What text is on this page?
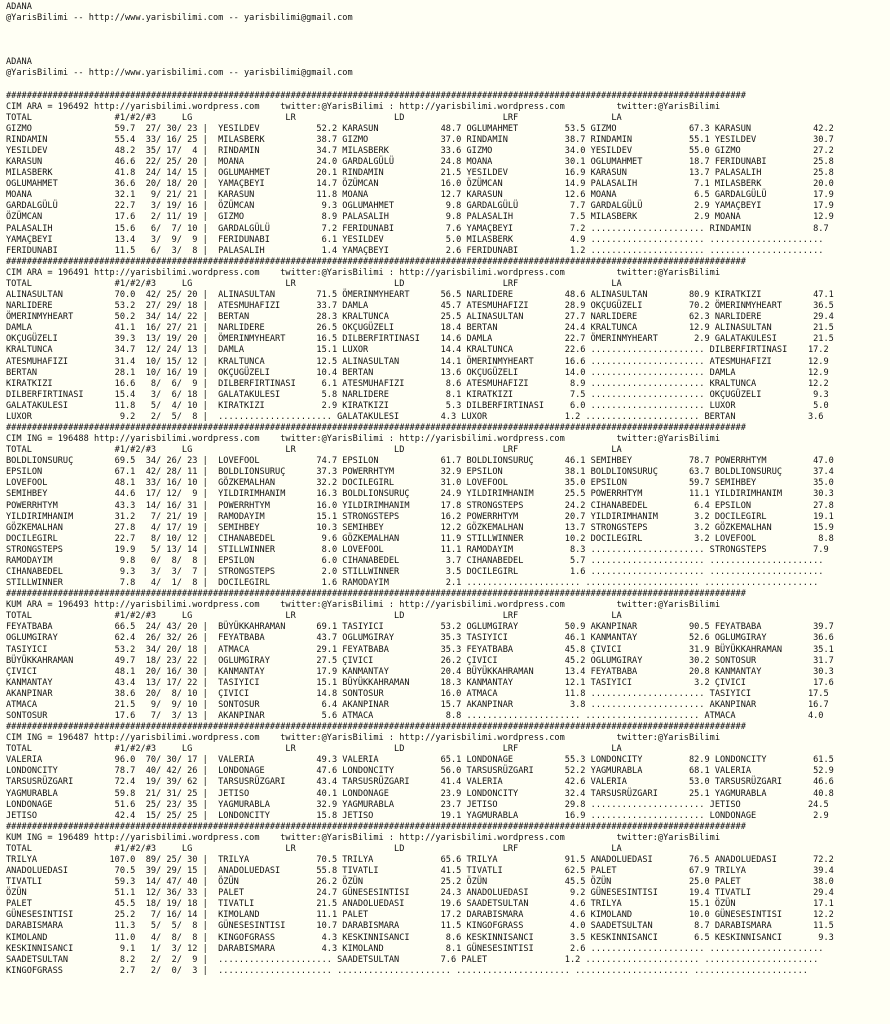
ADANA
@YarisBilimi -- http://www.yarisbilimi.com -- yarisbilimi@gmail.com

ADANA
@YarisBilimi -- http://www.yarisbilimi.com -- yarisbilimi@gmail.com

###############################################################################################################################################
CIM ARA = 196492 http://yarisbilimi.wordpress.com    twitter:@YarisBilimi : http://yarisbilimi.wordpress.com          twitter:@YarisBilimi
TOTAL                #1/#2/#3     LG                  LR                   LD                   LRF                  LA
GIZMO                59.7  27/ 30/ 23 |  YESILDEV           52.2 KARASUN            48.7 OGLUMAHMET         53.5 GIZMO              67.3 KARASUN            42.2
RINDAMIN             55.4  33/ 16/ 25 |  MILASBERK          38.7 GIZMO              37.0 RINDAMIN           38.7 RINDAMIN           55.1 YESILDEV           30.7
YESILDEV             48.2  35/ 17/  4 |  RINDAMIN           34.7 MILASBERK          33.6 GIZMO              34.0 YESILDEV           55.0 GIZMO              27.2
KARASUN              46.6  22/ 25/ 20 |  MOANA              24.0 GARDALGÜLÜ         24.8 MOANA              30.1 OGLUMAHMET         18.7 FERIDUNABI         25.8
MILASBERK            41.8  24/ 14/ 15 |  OGLUMAHMET         20.1 RINDAMIN           21.5 YESILDEV           16.9 KARASUN            13.7 PALASALIH          25.8
OGLUMAHMET           36.6  20/ 18/ 20 |  YAMAÇBEYI          14.7 ÖZÜMCAN            16.0 ÖZÜMCAN            14.9 PALASALIH           7.1 MILASBERK          20.0
MOANA                32.1   9/ 21/ 21 |  KARASUN            11.8 MOANA              12.7 KARASUN            12.6 MOANA               6.5 GARDALGÜLÜ         17.9
GARDALGÜLÜ           22.7   3/ 19/ 16 |  ÖZÜMCAN             9.3 OGLUMAHMET          9.8 GARDALGÜLÜ          7.7 GARDALGÜLÜ          2.9 YAMAÇBEYI          17.9
ÖZÜMCAN              17.6   2/ 11/ 19 |  GIZMO               8.9 PALASALIH           9.8 PALASALIH           7.5 MILASBERK           2.9 MOANA              12.9
PALASALIH            15.6   6/  7/ 10 |  GARDALGÜLÜ          7.2 FERIDUNABI          7.6 YAMAÇBEYI           7.2 ...................... RINDAMIN            8.7
YAMAÇBEYI            13.4   3/  9/  9 |  FERIDUNABI          6.1 YESILDEV            5.0 MILASBERK           4.9 ...................... ......................
FERIDUNABI           11.5   6/  3/  8 |  PALASALIH           1.4 YAMAÇBEYI           2.6 FERIDUNABI          1.2 ...................... ......................
###############################################################################################################################################
CIM ARA = 196491 http://yarisbilimi.wordpress.com    twitter:@YarisBilimi : http://yarisbilimi.wordpress.com          twitter:@YarisBilimi
TOTAL                #1/#2/#3     LG                  LR                   LD                   LRF                  LA
ALINASULTAN          70.0  42/ 25/ 20 |  ALINASULTAN        71.5 ÖMERINMYHEART      56.5 NARLIDERE          48.6 ALINASULTAN        80.9 KIRATKIZI          47.1
NARLIDERE            53.2  27/ 29/ 18 |  ATESMUHAFIZI       33.7 DAMLA              45.7 ATESMUHAFIZI       28.9 OKÇUGÜZELI         70.2 ÖMERINMYHEART      36.5
ÖMERINMYHEART        50.2  34/ 14/ 22 |  BERTAN             28.3 KRALTUNCA          25.5 ALINASULTAN        27.7 NARLIDERE          62.3 NARLIDERE          29.4
DAMLA                41.1  16/ 27/ 21 |  NARLIDERE          26.5 OKÇUGÜZELI         18.4 BERTAN             24.4 KRALTUNCA          12.9 ALINASULTAN        21.5
OKÇUGÜZELI           39.3  13/ 19/ 20 |  ÖMERINMYHEART      16.5 DILBERFIRTINASI    14.6 DAMLA              22.7 ÖMERINMYHEART       2.9 GALATAKULESI       21.5
KRALTUNCA            34.7  12/ 24/ 13 |  DAMLA              15.1 LUXOR              14.4 KRALTUNCA          22.6 ...................... DILBERFIRTINASI    17.2
ATESMUHAFIZI         31.4  10/ 15/ 12 |  KRALTUNCA          12.5 ALINASULTAN        14.1 ÖMERINMYHEART      16.6 ...................... ATESMUHAFIZI       12.9
BERTAN               28.1  10/ 16/ 19 |  OKÇUGÜZELI         10.4 BERTAN             13.6 OKÇUGÜZELI         14.0 ...................... DAMLA              12.9
KIRATKIZI            16.6   8/  6/  9 |  DILBERFIRTINASI     6.1 ATESMUHAFIZI        8.6 ATESMUHAFIZI        8.9 ...................... KRALTUNCA          12.2
DILBERFIRTINASI      15.4   3/  6/ 18 |  GALATAKULESI        5.8 NARLIDERE           8.1 KIRATKIZI           7.5 ...................... OKÇUGÜZELI          9.3
GALATAKULESI         11.8   5/  4/ 10 |  KIRATKIZI           2.9 KIRATKIZI           5.3 DILBERFIRTINASI     6.0 ...................... LUXOR               5.0
LUXOR                 9.2   2/  5/  8 |  ...................... GALATAKULESI        4.3 LUXOR               1.2 ...................... BERTAN              3.6
###############################################################################################################################################
CIM ING = 196488 http://yarisbilimi.wordpress.com    twitter:@YarisBilimi : http://yarisbilimi.wordpress.com          twitter:@YarisBilimi
TOTAL                #1/#2/#3     LG                  LR                   LD                   LRF                  LA
BOLDLIONSURUÇ        69.5  34/ 26/ 23 |  LOVEFOOL           74.7 EPSILON            61.7 BOLDLIONSURUÇ      46.1 SEMIHBEY           78.7 POWERRHTYM         47.0
EPSILON              67.1  42/ 28/ 11 |  BOLDLIONSURUÇ      37.3 POWERRHTYM         32.9 EPSILON            38.1 BOLDLIONSURUÇ      63.7 BOLDLIONSURUÇ      37.4
LOVEFOOL             48.1  33/ 16/ 10 |  GÖZKEMALHAN        32.2 DOCILEGIRL         31.0 LOVEFOOL           35.0 EPSILON            59.7 SEMIHBEY           35.0
SEMIHBEY             44.6  17/ 12/  9 |  YILDIRIMHANIM      16.3 BOLDLIONSURUÇ      24.9 YILDIRIMHANIM      25.5 POWERRHTYM         11.1 YILDIRIMHANIM      30.3
POWERRHTYM           43.3  14/ 16/ 31 |  POWERRHTYM         16.0 YILDIRIMHANIM      17.8 STRONGSTEPS        24.2 CIHANABEDEL         6.4 EPSILON            27.8
YILDIRIMHANIM        31.2   7/ 21/ 19 |  RAMODAYIM          15.1 STRONGSTEPS        16.2 POWERRHTYM         20.7 YILDIRIMHANIM       3.2 DOCILEGIRL         19.1
GÖZKEMALHAN          27.8   4/ 17/ 19 |  SEMIHBEY           10.3 SEMIHBEY           12.2 GÖZKEMALHAN        13.7 STRONGSTEPS         3.2 GÖZKEMALHAN        15.9
DOCILEGIRL           22.7   8/ 10/ 12 |  CIHANABEDEL         9.6 GÖZKEMALHAN        11.9 STILLWINNER        10.2 DOCILEGIRL          3.2 LOVEFOOL            8.8
STRONGSTEPS          19.9   5/ 13/ 14 |  STILLWINNER         8.0 LOVEFOOL           11.1 RAMODAYIM           8.3 ...................... STRONGSTEPS         7.9
RAMODAYIM             9.8   0/  8/  8 |  EPSILON             6.0 CIHANABEDEL         3.7 CIHANABEDEL         5.7 ...................... ......................
CIHANABEDEL           9.3   3/  3/  7 |  STRONGSTEPS         2.0 STILLWINNER         3.5 DOCILEGIRL          1.6 ...................... ......................
STILLWINNER           7.8   4/  1/  8 |  DOCILEGIRL          1.6 RAMODAYIM           2.1 ...................... ...................... ......................
###############################################################################################################################################
KUM ARA = 196493 http://yarisbilimi.wordpress.com    twitter:@YarisBilimi : http://yarisbilimi.wordpress.com          twitter:@YarisBilimi
TOTAL                #1/#2/#3     LG                  LR                   LD                   LRF                  LA
FEYATBABA            66.5  24/ 43/ 20 |  BÜYÜKKAHRAMAN      69.1 TASIYICI           53.2 OGLUMGIRAY         50.9 AKANPINAR          90.5 FEYATBABA          39.7
OGLUMGIRAY           62.4  26/ 32/ 26 |  FEYATBABA          43.7 OGLUMGIRAY         35.3 TASIYICI           46.1 KANMANTAY          52.6 OGLUMGIRAY         36.6
TASIYICI             53.2  34/ 20/ 18 |  ATMACA             29.1 FEYATBABA          35.3 FEYATBABA          45.8 ÇIVICI             31.9 BÜYÜKKAHRAMAN      35.1
BÜYÜKKAHRAMAN        49.7  18/ 23/ 22 |  OGLUMGIRAY         27.5 ÇIVICI             26.2 ÇIVICI             45.2 OGLUMGIRAY         30.2 SONTOSUR           31.7
ÇIVICI               48.1  20/ 16/ 30 |  KANMANTAY          17.9 KANMANTAY          20.4 BÜYÜKKAHRAMAN      13.4 FEYATBABA          20.8 KANMANTAY          30.3
KANMANTAY            43.4  13/ 17/ 22 |  TASIYICI           15.1 BÜYÜKKAHRAMAN      18.3 KANMANTAY          12.1 TASIYICI            3.2 ÇIVICI             17.6
AKANPINAR            38.6  20/  8/ 10 |  ÇIVICI             14.8 SONTOSUR           16.0 ATMACA             11.8 ...................... TASIYICI           17.5
ATMACA               21.5   9/  9/ 10 |  SONTOSUR            6.4 AKANPINAR          15.7 AKANPINAR           3.8 ...................... AKANPINAR          16.7
SONTOSUR             17.6   7/  3/ 13 |  AKANPINAR           5.6 ATMACA              8.8 ...................... ...................... ATMACA              4.0
###############################################################################################################################################
CIM ING = 196487 http://yarisbilimi.wordpress.com    twitter:@YarisBilimi : http://yarisbilimi.wordpress.com          twitter:@YarisBilimi
TOTAL                #1/#2/#3     LG                  LR                   LD                   LRF                  LA
VALERIA              96.0  70/ 30/ 17 |  VALERIA            49.3 VALERIA            65.1 LONDONAGE          55.3 LONDONCITY         82.9 LONDONCITY         61.5
LONDONCITY           78.7  40/ 42/ 26 |  LONDONAGE          47.6 LONDONCITY         56.0 TARSUSRÜZGARI      52.2 YAGMURABLA         68.1 VALERIA            52.9
TARSUSRÜZGARI        72.4  19/ 39/ 62 |  TARSUSRÜZGARI      43.4 TARSUSRÜZGARI      41.4 VALERIA            42.6 VALERIA            53.0 TARSUSRÜZGARI      46.6
YAGMURABLA           59.8  21/ 31/ 25 |  JETISO             40.1 LONDONAGE          23.9 LONDONCITY         32.4 TARSUSRÜZGARI      25.1 YAGMURABLA         40.8
LONDONAGE            51.6  25/ 23/ 35 |  YAGMURABLA         32.9 YAGMURABLA         23.7 JETISO             29.8 ...................... JETISO             24.5
JETISO               42.4  15/ 25/ 25 |  LONDONCITY         15.8 JETISO             19.1 YAGMURABLA         16.9 ...................... LONDONAGE           2.9
###############################################################################################################################################
KUM ING = 196489 http://yarisbilimi.wordpress.com    twitter:@YarisBilimi : http://yarisbilimi.wordpress.com          twitter:@YarisBilimi
TOTAL                #1/#2/#3     LG                  LR                   LD                   LRF                  LA
TRILYA              107.0  89/ 25/ 30 |  TRILYA             70.5 TRILYA             65.6 TRILYA             91.5 ANADOLUEDASI       76.5 ANADOLUEDASI       72.2
ANADOLUEDASI         70.5  39/ 29/ 15 |  ANADOLUEDASI       55.8 TIVATLI            41.5 TIVATLI            62.5 PALET              67.9 TRILYA             39.4
TIVATLI              59.3  14/ 47/ 40 |  ÖZÜN               26.2 ÖZÜN               25.2 ÖZÜN               45.5 ÖZÜN               25.0 PALET              38.0
ÖZÜN                 51.1  12/ 36/ 33 |  PALET              24.7 GÜNESESINTISI      24.3 ANADOLUEDASI        9.2 GÜNESESINTISI      19.4 TIVATLI            29.4
PALET                45.5  18/ 19/ 18 |  TIVATLI            21.5 ANADOLUEDASI       19.6 SAADETSULTAN        4.6 TRILYA             15.1 ÖZÜN               17.1
GÜNESESINTISI        25.2   7/ 16/ 14 |  KIMOLAND           11.1 PALET              17.2 DARABISMARA         4.6 KIMOLAND           10.0 GÜNESESINTISI      12.2
DARABISMARA          11.3   5/  5/  8 |  GÜNESESINTISI      10.7 DARABISMARA        11.5 KINGOFGRASS         4.0 SAADETSULTAN        8.7 DARABISMARA        11.5
KIMOLAND             11.0   4/  8/  8 |  KINGOFGRASS         4.3 KESKINNISANCI       8.6 KESKINNISANCI       3.5 KESKINNISANCI       6.5 KESKINNISANCI       9.3
KESKINNISANCI         9.1   1/  3/ 12 |  DARABISMARA         4.3 KIMOLAND            8.1 GÜNESESINTISI       2.6 ...................... ......................
SAADETSULTAN          8.2   2/  2/  9 |  ...................... SAADETSULTAN        7.6 PALET               1.2 ...................... ......................
KINGOFGRASS           2.7   2/  0/  3 |  ...................... ...................... ...................... ...................... ......................
